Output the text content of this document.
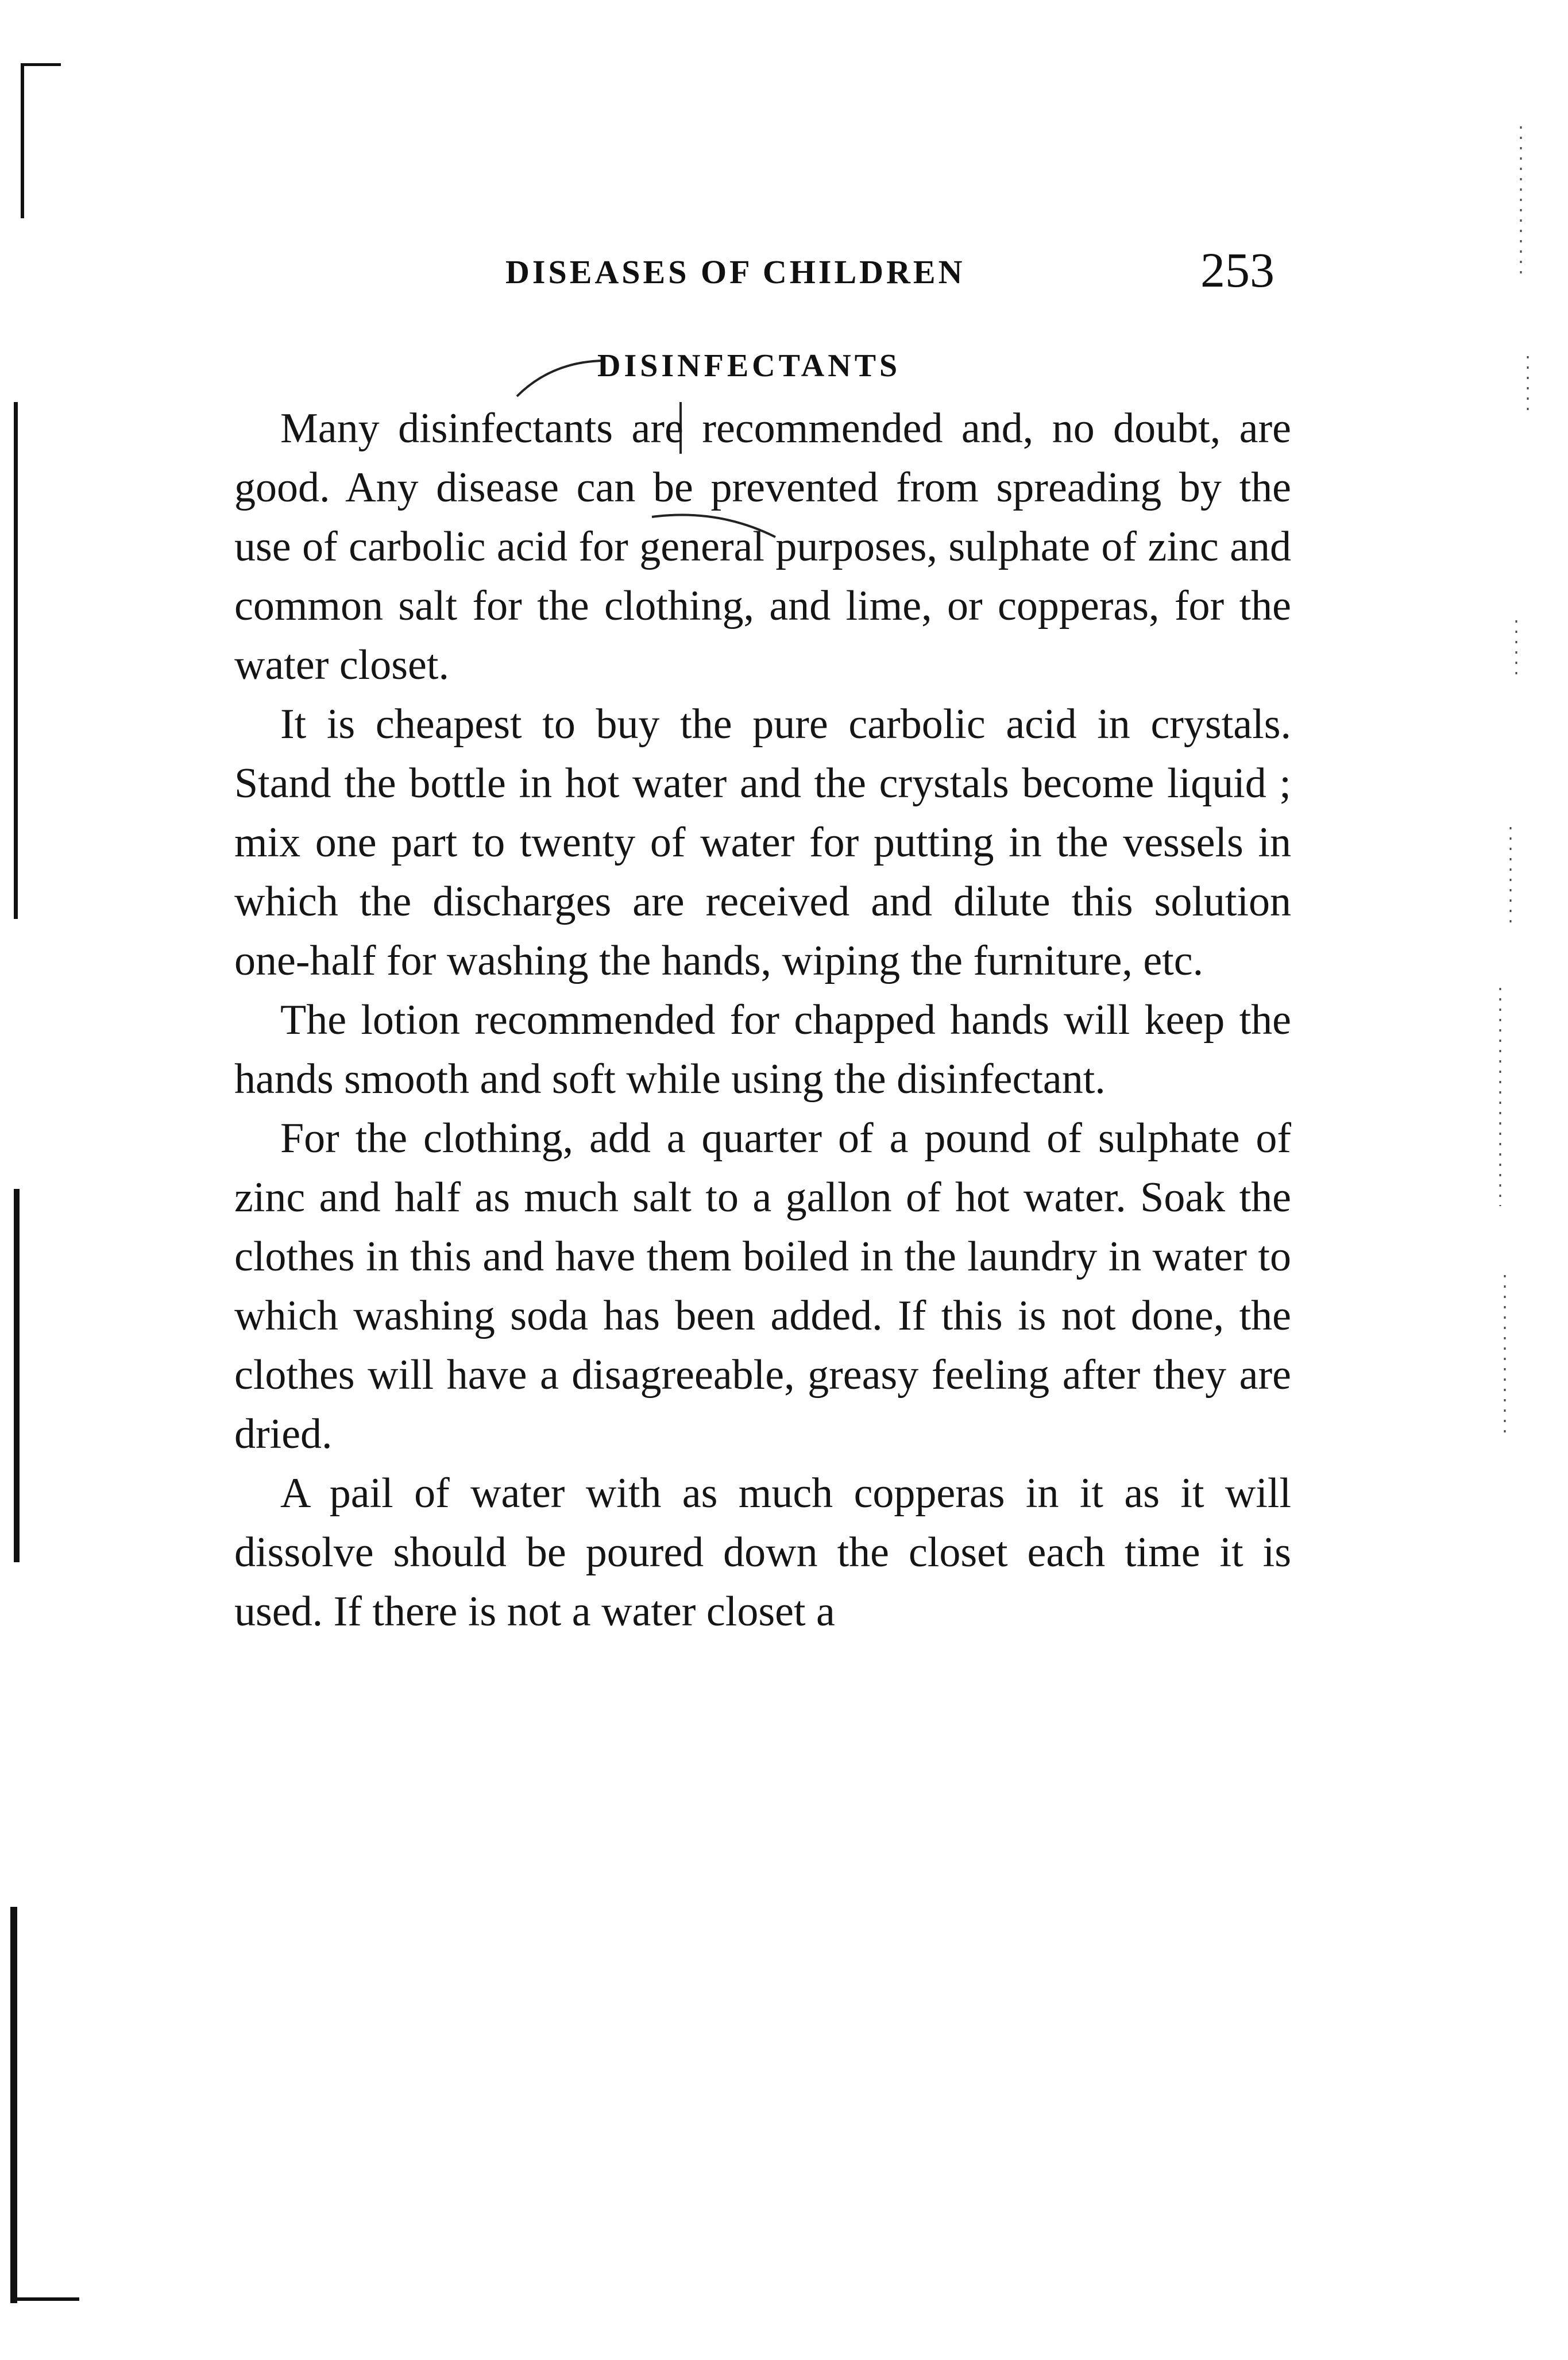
DISEASES OF CHILDREN	253
DISINFECTANTS

Many disinfectants are recommended and, no doubt, are good. Any disease can be prevented from spreading by the use of carbolic acid for general purposes, sulphate of zinc and common salt for the clothing, and lime, or copperas, for the water closet.

It is cheapest to buy the pure carbolic acid in crystals. Stand the bottle in hot water and the crystals become liquid ; mix one part to twenty of water for putting in the vessels in which the discharges are received and dilute this solution one-half for washing the hands, wiping the furniture, etc.

The lotion recommended for chapped hands will keep the hands smooth and soft while using the disinfectant.

For the clothing, add a quarter of a pound of sulphate of zinc and half as much salt to a gallon of hot water. Soak the clothes in this and have them boiled in the laundry in water to which washing soda has been added. If this is not done, the clothes will have a disagreeable, greasy feeling after they are dried.

A pail of water with as much copperas in it as it will dissolve should be poured down the closet each time it is used. If there is not a water closet a
